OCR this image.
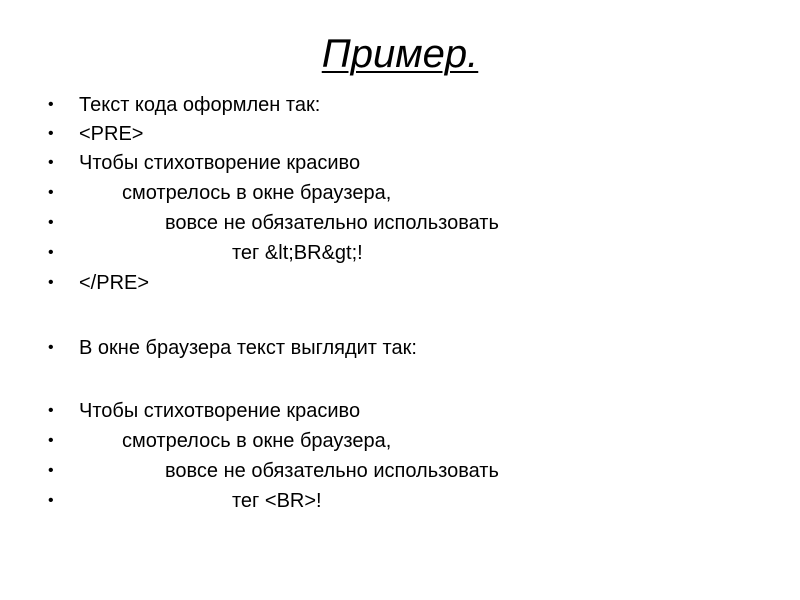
Пример.
• Текст кода оформлен так:
• <PRE>
• Чтобы стихотворение красиво
•	смотрелось в окне браузера,
•	вовсе не обязательно использовать
•	тег &lt;BR&gt;!
• </PRE>
• В окне браузера текст выглядит так:
• Чтобы стихотворение красиво
•	смотрелось в окне браузера,
•	вовсе не обязательно использовать
•	тег <BR>!
